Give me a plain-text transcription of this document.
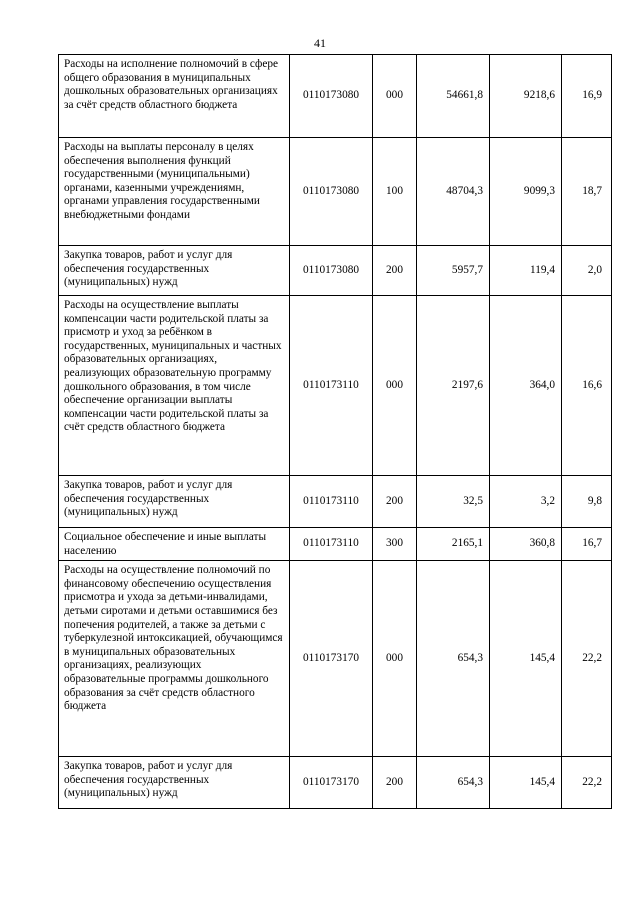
41
Расходы на исполнение полномочий в сфере общего образования в муниципальных дошкольных образовательных организациях за счёт средств областного бюджета	0110173080	000	54661,8	9218,6	16,9
Расходы на выплаты персоналу в целях обеспечения выполнения функций государственными (муниципальными) органами, казенными учреждениямн, органами управления государственными внебюджетными фондами	0110173080	100	48704,3	9099,3	18,7
Закупка товаров, работ и услуг для обеспечения государственных (муниципальных) нужд	0110173080	200	5957,7	119,4	2,0
Расходы на осуществление выплаты компенсации части родительской платы за присмотр и уход за ребёнком в государственных, муниципальных и частных образовательных организациях, реализующих образовательную программу дошкольного образования, в том числе обеспечение организации выплаты компенсации части родительской платы за счёт средств областного бюджета	0110173110	000	2197,6	364,0	16,6
Закупка товаров, работ и услуг для обеспечения государственных (муниципальных) нужд	0110173110	200	32,5	3,2	9,8
Социальное обеспечение и иные выплаты населению	0110173110	300	2165,1	360,8	16,7
Расходы на осуществление полномочий по финансовому обеспечению осуществления присмотра и ухода за детьми-инвалидами, детьми сиротами и детьми оставшимися без попечения родителей, а также за детьми с туберкулезной интоксикацией, обучающимся в муниципальных образовательных организациях, реализующих образовательные программы дошкольного образования за счёт средств областного бюджета	0110173170	000	654,3	145,4	22,2
Закупка товаров, работ и услуг для обеспечения государственных (муниципальных) нужд	0110173170	200	654,3	145,4	22,2
